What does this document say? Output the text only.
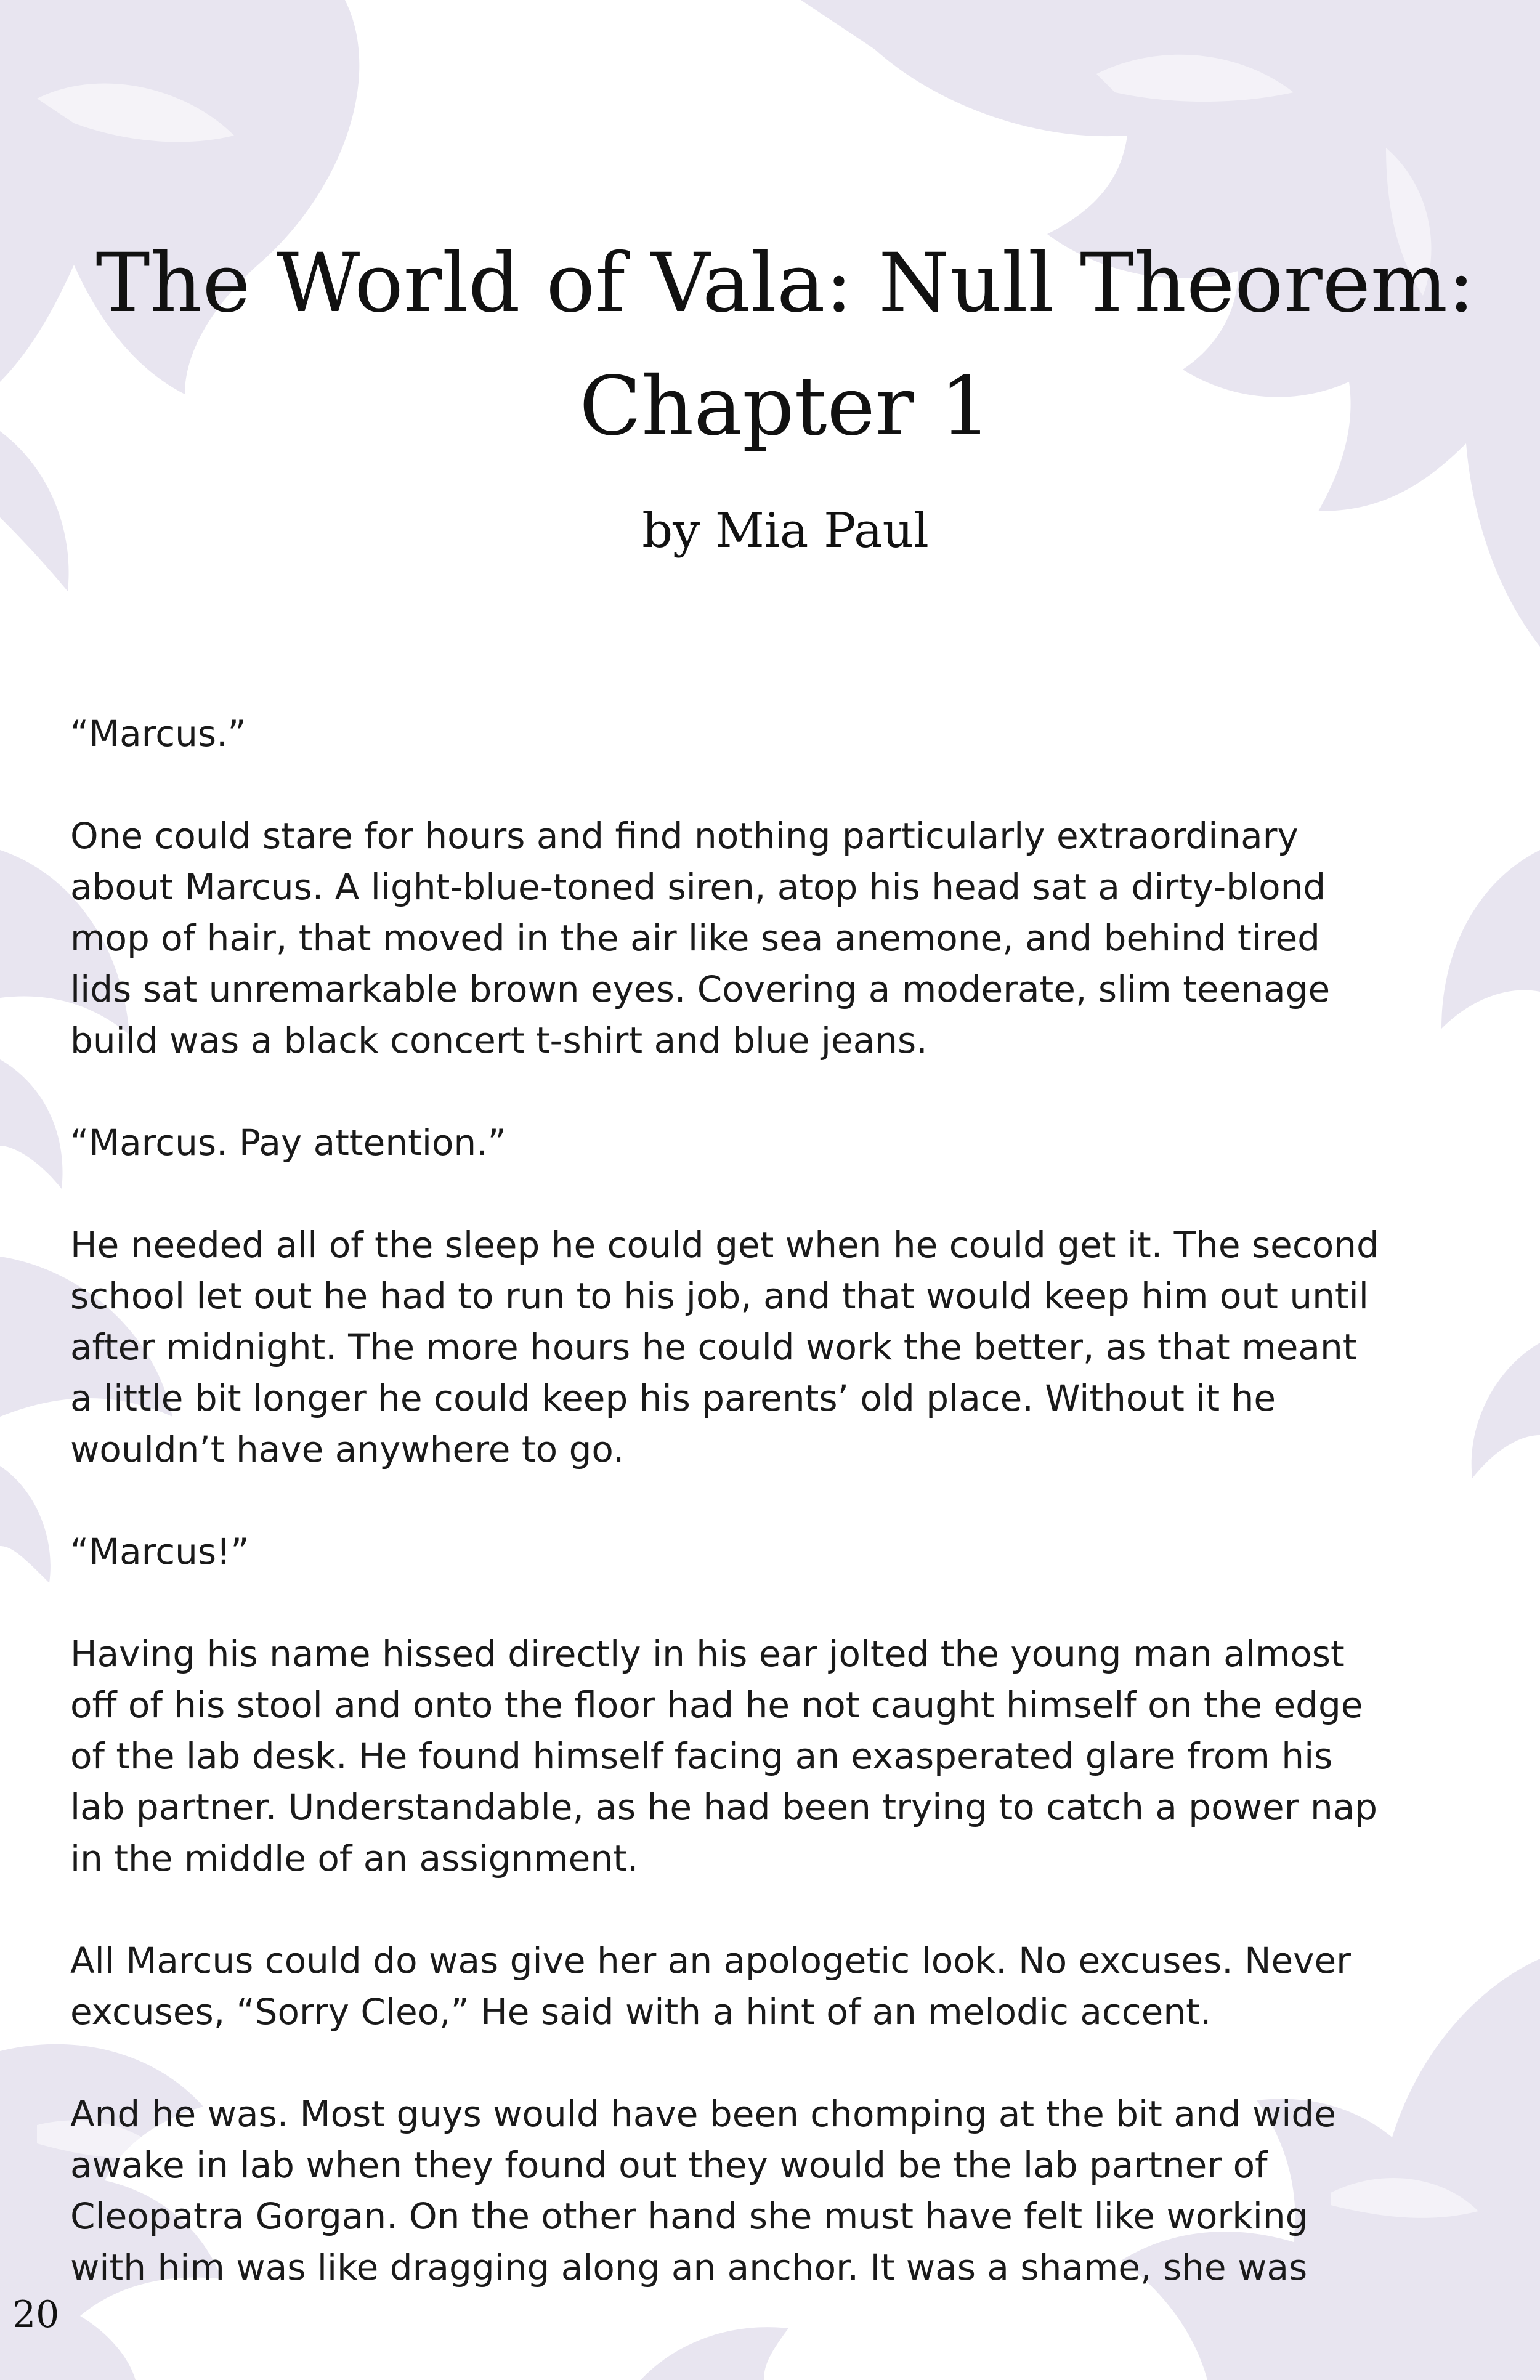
The World of Vala: Null Theorem:
Chapter 1

by Mia Paul

“Marcus.”

One could stare for hours and find nothing particularly extraordinary
about Marcus. A light-blue-toned siren, atop his head sat a dirty-blond
mop of hair, that moved in the air like sea anemone, and behind tired
lids sat unremarkable brown eyes. Covering a moderate, slim teenage
build was a black concert t-shirt and blue jeans.

“Marcus. Pay attention.”

He needed all of the sleep he could get when he could get it. The second
school let out he had to run to his job, and that would keep him out until
after midnight. The more hours he could work the better, as that meant
a little bit longer he could keep his parents’ old place. Without it he
wouldn’t have anywhere to go.

“Marcus!”

Having his name hissed directly in his ear jolted the young man almost
off of his stool and onto the floor had he not caught himself on the edge
of the lab desk. He found himself facing an exasperated glare from his
lab partner. Understandable, as he had been trying to catch a power nap
in the middle of an assignment.

All Marcus could do was give her an apologetic look. No excuses. Never
excuses, “Sorry Cleo,” He said with a hint of an melodic accent.

And he was. Most guys would have been chomping at the bit and wide
awake in lab when they found out they would be the lab partner of
Cleopatra Gorgan. On the other hand she must have felt like working
with him was like dragging along an anchor. It was a shame, she was

20
